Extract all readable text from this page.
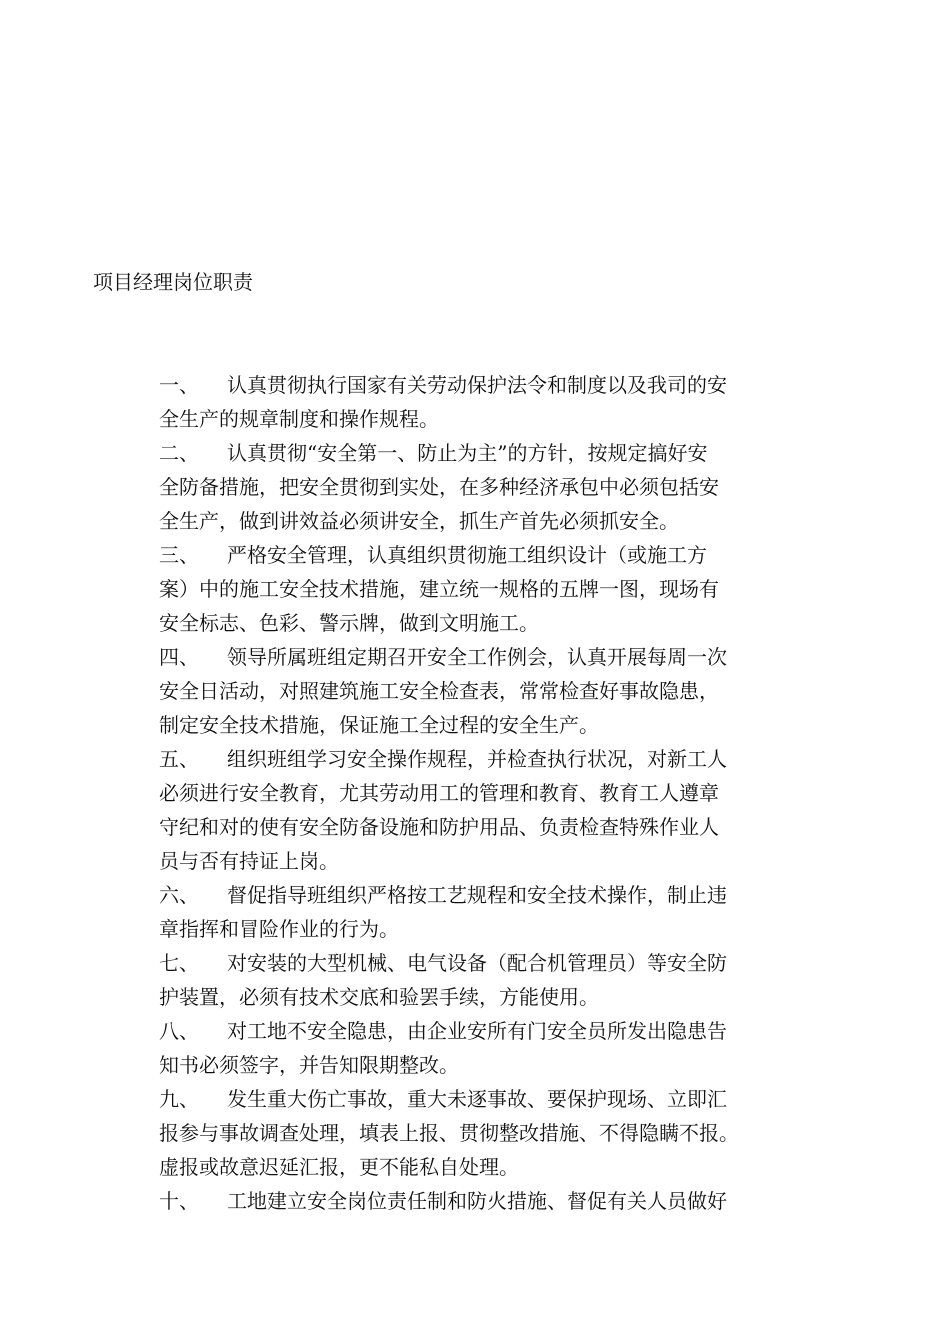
项目经理岗位职责
一、 认真贯彻执行国家有关劳动保护法令和制度以及我司的安
全生产的规章制度和操作规程。
二、 认真贯彻“安全第一、防止为主”的方针，按规定搞好安
全防备措施，把安全贯彻到实处，在多种经济承包中必须包括安
全生产，做到讲效益必须讲安全，抓生产首先必须抓安全。
三、 严格安全管理，认真组织贯彻施工组织设计（或施工方
案）中的施工安全技术措施，建立统一规格的五牌一图，现场有
安全标志、色彩、警示牌，做到文明施工。
四、 领导所属班组定期召开安全工作例会，认真开展每周一次
安全日活动，对照建筑施工安全检查表，常常检查好事故隐患，
制定安全技术措施，保证施工全过程的安全生产。
五、 组织班组学习安全操作规程，并检查执行状况，对新工人
必须进行安全教育，尤其劳动用工的管理和教育、教育工人遵章
守纪和对的使有安全防备设施和防护用品、负责检查特殊作业人
员与否有持证上岗。
六、 督促指导班组织严格按工艺规程和安全技术操作，制止违
章指挥和冒险作业的行为。
七、 对安装的大型机械、电气设备（配合机管理员）等安全防
护装置，必须有技术交底和验罢手续，方能使用。
八、 对工地不安全隐患，由企业安所有门安全员所发出隐患告
知书必须签字，并告知限期整改。
九、 发生重大伤亡事故，重大未逐事故、要保护现场、立即汇
报参与事故调查处理，填表上报、贯彻整改措施、不得隐瞒不报。
虚报或故意迟延汇报，更不能私自处理。
十、 工地建立安全岗位责任制和防火措施、督促有关人员做好
